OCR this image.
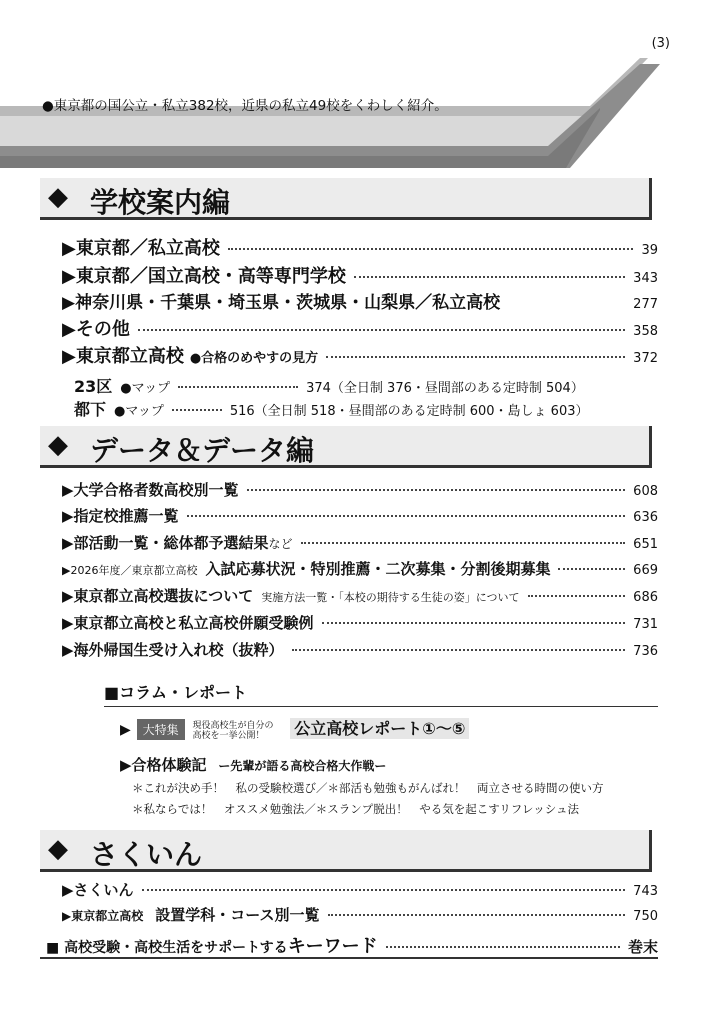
(3)
●東京都の国公立・私立382校，近県の私立49校をくわしく紹介。
◆ 学校案内編
▶東京都／私立高校	39
▶東京都／国立高校・高等専門学校	343
▶神奈川県・千葉県・埼玉県・茨城県・山梨県／私立高校	277
▶その他	358
▶東京都立高校 ●合格のめやすの見方	372
23区 ●マップ	374（全日制 376・昼間部のある定時制 504）
都下 ●マップ	516（全日制 518・昼間部のある定時制 600・島しょ 603）
◆ データ＆データ編
▶大学合格者数高校別一覧	608
▶指定校推薦一覧	636
▶部活動一覧・総体都予選結果 など	651
▶2026年度／東京都立高校 入試応募状況・特別推薦・二次募集・分割後期募集	669
▶東京都立高校選抜について 実施方法一覧・「本校の期待する生徒の姿」について	686
▶東京都立高校と私立高校併願受験例	731
▶海外帰国生受け入れ校（抜粋）	736
■コラム・レポート
▶ 大特集 現役高校生が自分の 高校を一挙公開！ 公立高校レポート①〜⑤
▶合格体験記 ー先輩が語る高校合格大作戦ー
＊これが決め手！　私の受験校選び／＊部活も勉強もがんばれ！　両立させる時間の使い方
＊私ならでは！　オススメ勉強法／＊スランプ脱出！　やる気を起こすリフレッシュ法
◆ さくいん
▶さくいん	743
▶東京都立高校 設置学科・コース別一覧	750
■ 高校受験・高校生活をサポートする キーワード	巻末
